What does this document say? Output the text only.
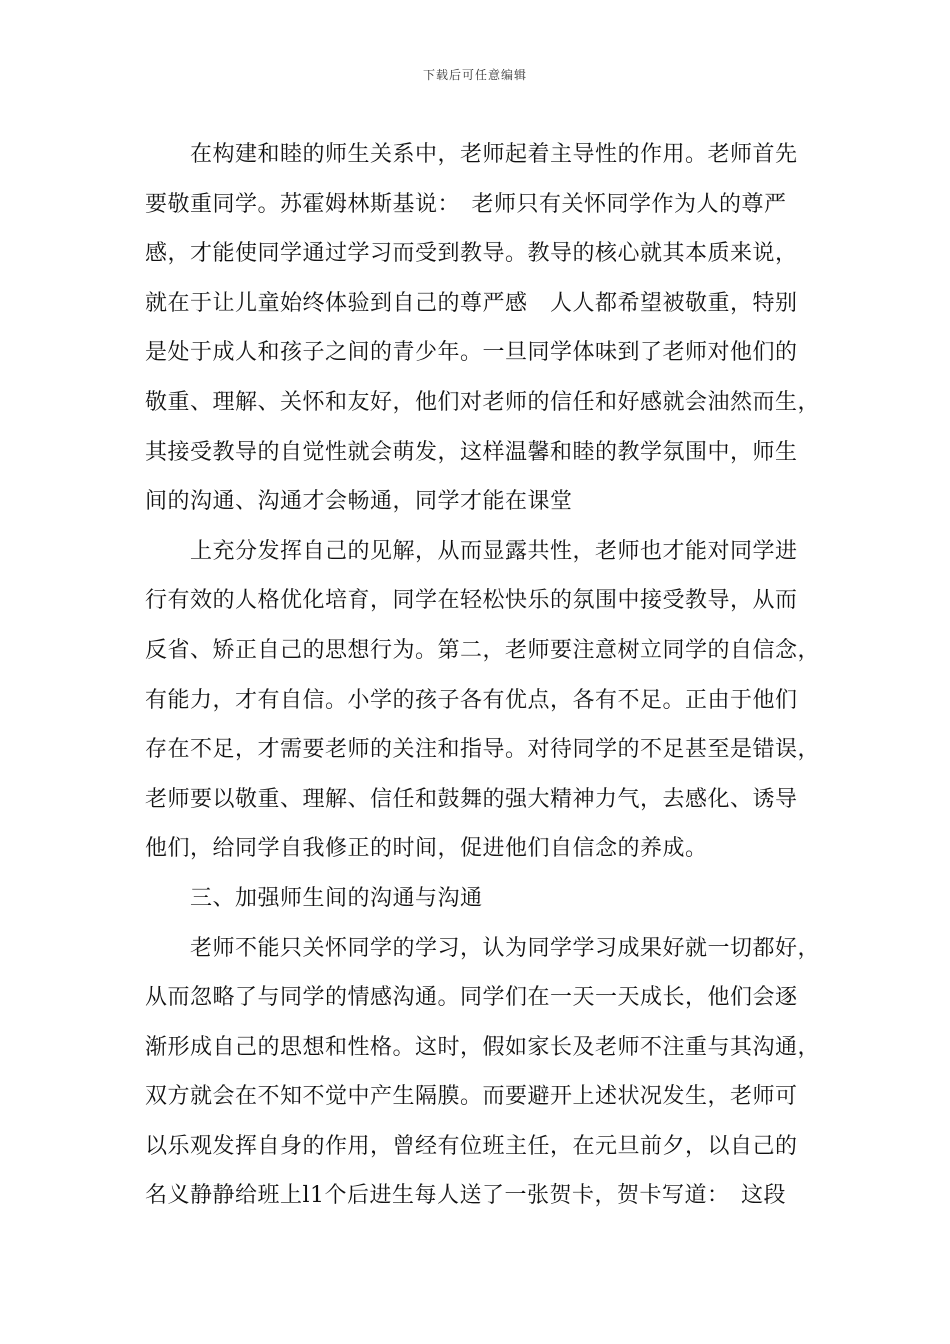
下载后可任意编辑
在构建和睦的师生关系中，老师起着主导性的作用。老师首先
要敬重同学。苏霍姆林斯基说：　老师只有关怀同学作为人的尊严
感，才能使同学通过学习而受到教导。教导的核心就其本质来说，
就在于让儿童始终体验到自己的尊严感　人人都希望被敬重，特别
是处于成人和孩子之间的青少年。一旦同学体味到了老师对他们的
敬重、理解、关怀和友好，他们对老师的信任和好感就会油然而生，
其接受教导的自觉性就会萌发，这样温馨和睦的教学氛围中，师生
间的沟通、沟通才会畅通，同学才能在课堂
上充分发挥自己的见解，从而显露共性，老师也才能对同学进
行有效的人格优化培育，同学在轻松快乐的氛围中接受教导，从而
反省、矫正自己的思想行为。第二，老师要注意树立同学的自信念，
有能力，才有自信。小学的孩子各有优点，各有不足。正由于他们
存在不足，才需要老师的关注和指导。对待同学的不足甚至是错误，
老师要以敬重、理解、信任和鼓舞的强大精神力气，去感化、诱导
他们，给同学自我修正的时间，促进他们自信念的养成。
三、加强师生间的沟通与沟通
老师不能只关怀同学的学习，认为同学学习成果好就一切都好，
从而忽略了与同学的情感沟通。同学们在一天一天成长，他们会逐
渐形成自己的思想和性格。这时，假如家长及老师不注重与其沟通，
双方就会在不知不觉中产生隔膜。而要避开上述状况发生，老师可
以乐观发挥自身的作用，曾经有位班主任，在元旦前夕，以自己的
名义静静给班上l1个后进生每人送了一张贺卡，贺卡写道：　这段
